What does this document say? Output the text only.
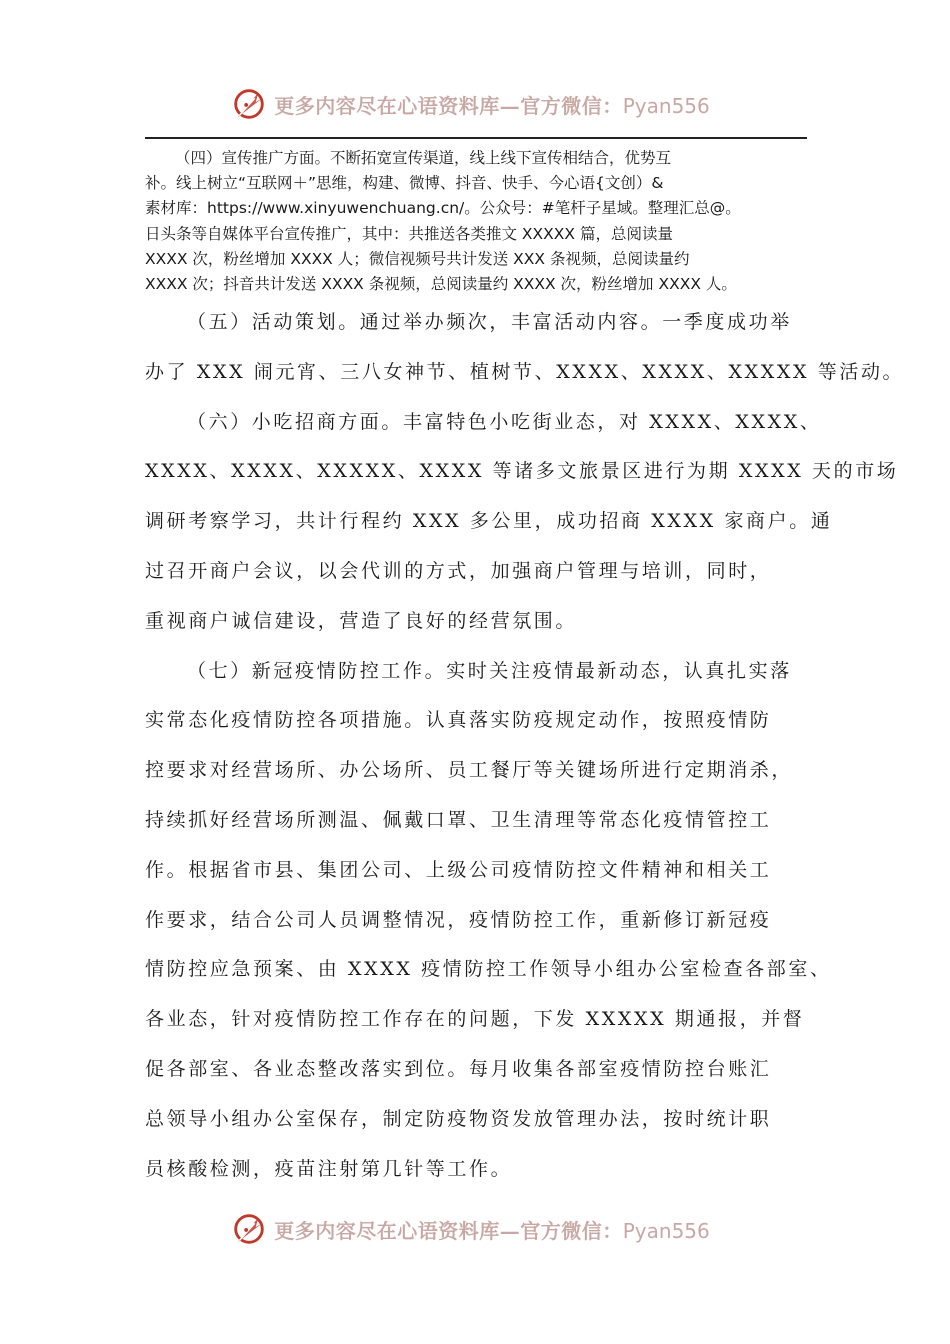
更多内容尽在心语资料库—官方微信：Pyan556
（四）宣传推广方面。不断拓宽宣传渠道，线上线下宣传相结合，优势互
补。线上树立“互联网＋”思维，构建、微博、抖音、快手、今心语{文创）&
素材库：https://www.xinyuwenchuang.cn/。公众号：#笔杆子星域。整理汇总@。
日头条等自媒体平台宣传推广，其中：共推送各类推文 XXXXX 篇，总阅读量
XXXX 次，粉丝增加 XXXX 人；微信视频号共计发送 XXX 条视频，总阅读量约
XXXX 次；抖音共计发送 XXXX 条视频，总阅读量约 XXXX 次，粉丝增加 XXXX 人。
（五）活动策划。通过举办频次，丰富活动内容。一季度成功举
办了 XXX 闹元宵、三八女神节、植树节、XXXX、XXXX、XXXXX 等活动。
（六）小吃招商方面。丰富特色小吃街业态，对 XXXX、XXXX、
XXXX、XXXX、XXXXX、XXXX 等诸多文旅景区进行为期 XXXX 天的市场
调研考察学习，共计行程约 XXX 多公里，成功招商 XXXX 家商户。通
过召开商户会议，以会代训的方式，加强商户管理与培训，同时，
重视商户诚信建设，营造了良好的经营氛围。
（七）新冠疫情防控工作。实时关注疫情最新动态，认真扎实落
实常态化疫情防控各项措施。认真落实防疫规定动作，按照疫情防
控要求对经营场所、办公场所、员工餐厅等关键场所进行定期消杀，
持续抓好经营场所测温、佩戴口罩、卫生清理等常态化疫情管控工
作。根据省市县、集团公司、上级公司疫情防控文件精神和相关工
作要求，结合公司人员调整情况，疫情防控工作，重新修订新冠疫
情防控应急预案、由 XXXX 疫情防控工作领导小组办公室检查各部室、
各业态，针对疫情防控工作存在的问题，下发 XXXXX 期通报，并督
促各部室、各业态整改落实到位。每月收集各部室疫情防控台账汇
总领导小组办公室保存，制定防疫物资发放管理办法，按时统计职
员核酸检测，疫苗注射第几针等工作。
更多内容尽在心语资料库—官方微信：Pyan556
